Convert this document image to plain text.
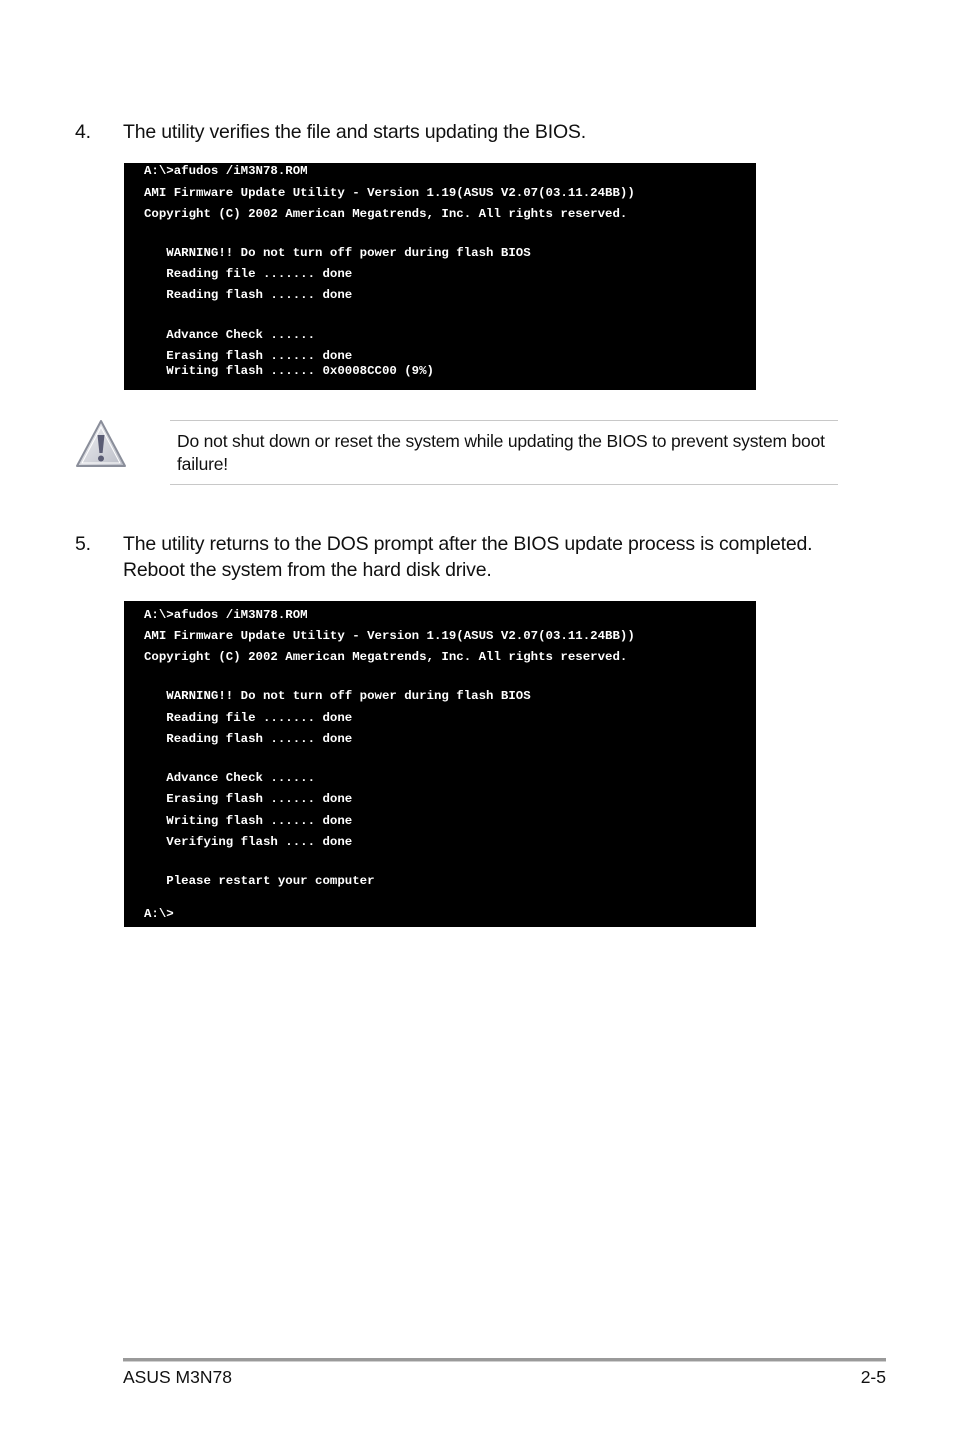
4. The utility verifies the file and starts updating the BIOS.
A:\>afudos /iM3N78.ROM
AMI Firmware Update Utility - Version 1.19(ASUS V2.07(03.11.24BB))
Copyright (C) 2002 American Megatrends, Inc. All rights reserved.
WARNING!! Do not turn off power during flash BIOS
Reading file ....... done
Reading flash ...... done
Advance Check ......
Erasing flash ...... done
Writing flash ...... 0x0008CC00 (9%)
Do not shut down or reset the system while updating the BIOS to prevent system boot failure!
5. The utility returns to the DOS prompt after the BIOS update process is completed. Reboot the system from the hard disk drive.
A:\>afudos /iM3N78.ROM
AMI Firmware Update Utility - Version 1.19(ASUS V2.07(03.11.24BB))
Copyright (C) 2002 American Megatrends, Inc. All rights reserved.
WARNING!! Do not turn off power during flash BIOS
Reading file ....... done
Reading flash ...... done
Advance Check ......
Erasing flash ...... done
Writing flash ...... done
Verifying flash .... done
Please restart your computer
A:\>
ASUS M3N78	2-5
